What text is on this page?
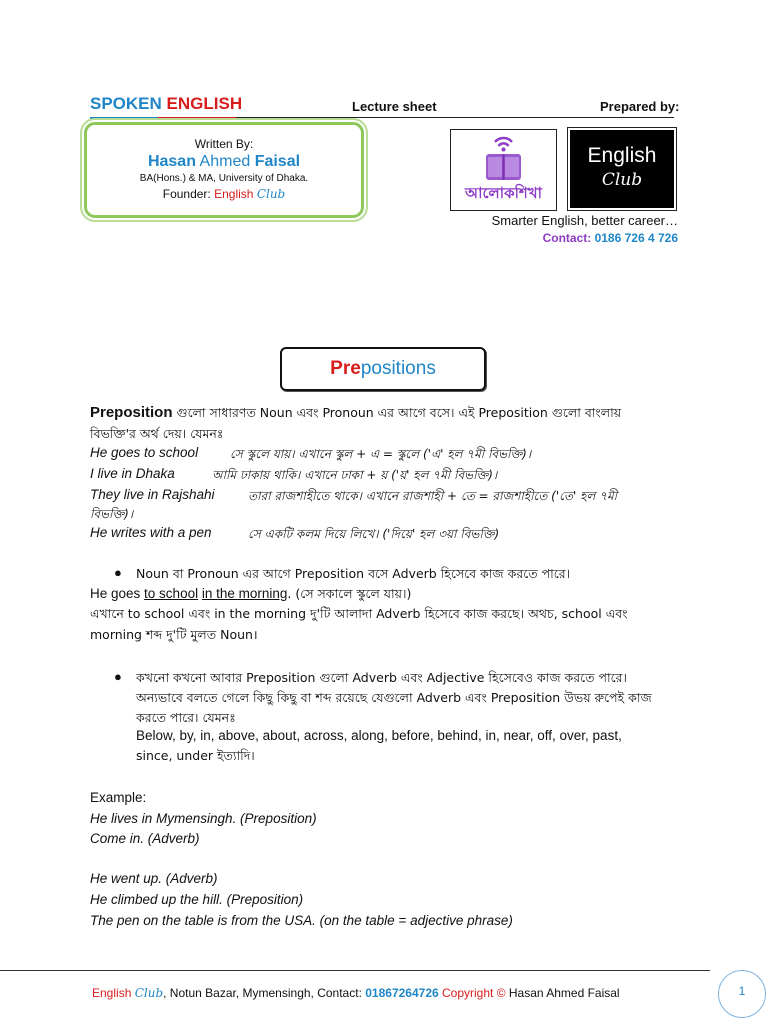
SPOKEN ENGLISH	Lecture sheet	Prepared by:
Written By:
Hasan Ahmed Faisal
BA(Hons.) & MA, University of Dhaka.
Founder: English Club	আলোকশিখা
English
Club
Smarter English, better career…
Contact: 0186 726 4 726
Prepositions
Preposition গুলো সাধারণত Noun এবং Pronoun এর আগে বসে। এই Preposition গুলো বাংলায়
বিভক্তি'র অর্থ দেয়। যেমনঃ
He goes to school	সে স্কুলে যায়। এখানে স্কুল + এ = স্কুলে ('এ' হল ৭মী বিভক্তি)।
I live in Dhaka	আমি ঢাকায় থাকি। এখানে ঢাকা + য় ('য়' হল ৭মী বিভক্তি)।
They live in Rajshahi	তারা রাজশাহীতে থাকে। এখানে রাজশাহী + তে = রাজশাহীতে ('তে' হল ৭মী
বিভক্তি)।
He writes with a pen	সে একটি কলম দিয়ে লিখে। ('দিয়ে' হল ৩য়া বিভক্তি)
● Noun বা Pronoun এর আগে Preposition বসে Adverb হিসেবে কাজ করতে পারে।
He goes to school in the morning. (সে সকালে স্কুলে যায়।)
এখানে to school এবং in the morning দু'টি আলাদা Adverb হিসেবে কাজ করছে। অথচ, school এবং
morning শব্দ দু'টি মুলত Noun।
● কখনো কখনো আবার Preposition গুলো Adverb এবং Adjective হিসেবেও কাজ করতে পারে।
অন্যভাবে বলতে গেলে কিছু কিছু বা শব্দ রয়েছে যেগুলো Adverb এবং Preposition উভয় রুপেই কাজ
করতে পারে। যেমনঃ
Below, by, in, above, about, across, along, before, behind, in, near, off, over, past,
since, under ইত্যাদি।
Example:
He lives in Mymensingh. (Preposition)
Come in. (Adverb)
He went up. (Adverb)
He climbed up the hill. (Preposition)
The pen on the table is from the USA. (on the table = adjective phrase)
English Club, Notun Bazar, Mymensingh, Contact: 01867264726 Copyright © Hasan Ahmed Faisal	1
